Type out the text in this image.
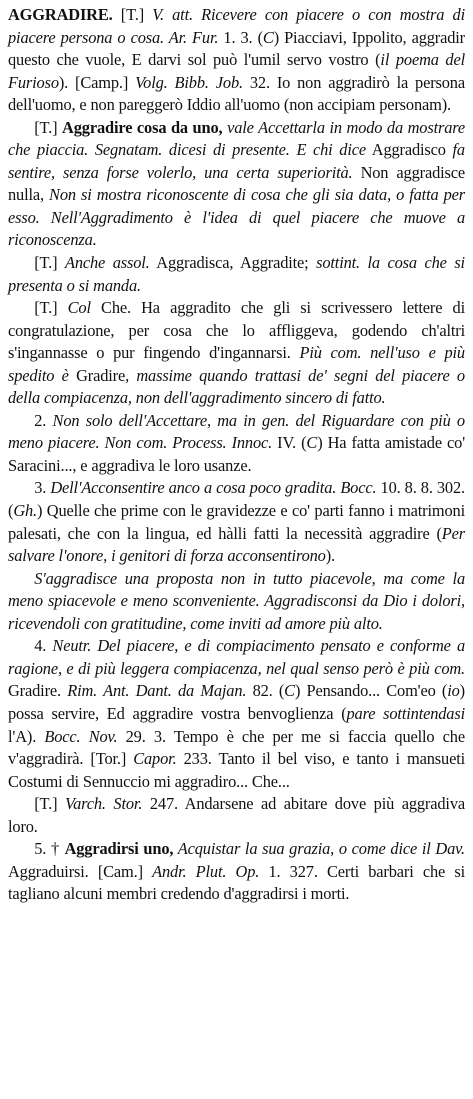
AGGRADIRE. [T.] V. att. Ricevere con piacere o con mostra di piacere persona o cosa. Ar. Fur. 1. 3. (C) Piacciavi, Ippolito, aggradir questo che vuole, E darvi sol può l'umil servo vostro (il poema del Furioso). [Camp.] Volg. Bibb. Job. 32. Io non aggradirò la persona dell'uomo, e non pareggerò Iddio all'uomo (non accipiam personam).

[T.] Aggradire cosa da uno, vale Accettarla in modo da mostrare che piaccia. Segnatam. dicesi di presente. E chi dice Aggradisco fa sentire, senza forse volerlo, una certa superiorità. Non aggradisce nulla, Non si mostra riconoscente di cosa che gli sia data, o fatta per esso. Nell'Aggradimento è l'idea di quel piacere che muove a riconoscenza.

[T.] Anche assol. Aggradisca, Aggradite; sottint. la cosa che si presenta o si manda.

[T.] Col Che. Ha aggradito che gli si scrivessero lettere di congratulazione, per cosa che lo affliggeva, godendo ch'altri s'ingannasse o pur fingendo d'ingannarsi. Più com. nell'uso e più spedito è Gradire, massime quando trattasi de' segni del piacere o della compiacenza, non dell'aggradimento sincero di fatto.

2. Non solo dell'Accettare, ma in gen. del Riguardare con più o meno piacere. Non com. Process. Innoc. IV. (C) Ha fatta amistade co' Saracini..., e aggradiva le loro usanze.

3. Dell'Acconsentire anco a cosa poco gradita. Bocc. 10. 8. 8. 302. (Gh.) Quelle che prime con le gravidezze e co' parti fanno i matrimoni palesati, che con la lingua, ed hàlli fatti la necessità aggradire (Per salvare l'onore, i genitori di forza acconsentirono).

S'aggradisce una proposta non in tutto piacevole, ma come la meno spiacevole e meno sconveniente. Aggradisconsi da Dio i dolori, ricevendoli con gratitudine, come inviti ad amore più alto.

4. Neutr. Del piacere, e di compiacimento pensato e conforme a ragione, e di più leggera compiacenza, nel qual senso però è più com. Gradire. Rim. Ant. Dant. da Majan. 82. (C) Pensando... Com'eo (io) possa servire, Ed aggradire vostra benvoglienza (pare sottintendasi l'A). Bocc. Nov. 29. 3. Tempo è che per me si faccia quello che v'aggradirà. [Tor.] Capor. 233. Tanto il bel viso, e tanto i mansueti Costumi di Sennuccio mi aggradiro... Che...

[T.] Varch. Stor. 247. Andarsene ad abitare dove più aggradiva loro.

5. † Aggradirsi uno, Acquistar la sua grazia, o come dice il Dav. Aggraduirsi. [Cam.] Andr. Plut. Op. 1. 327. Certi barbari che si tagliano alcuni membri credendo d'aggradirsi i morti.
